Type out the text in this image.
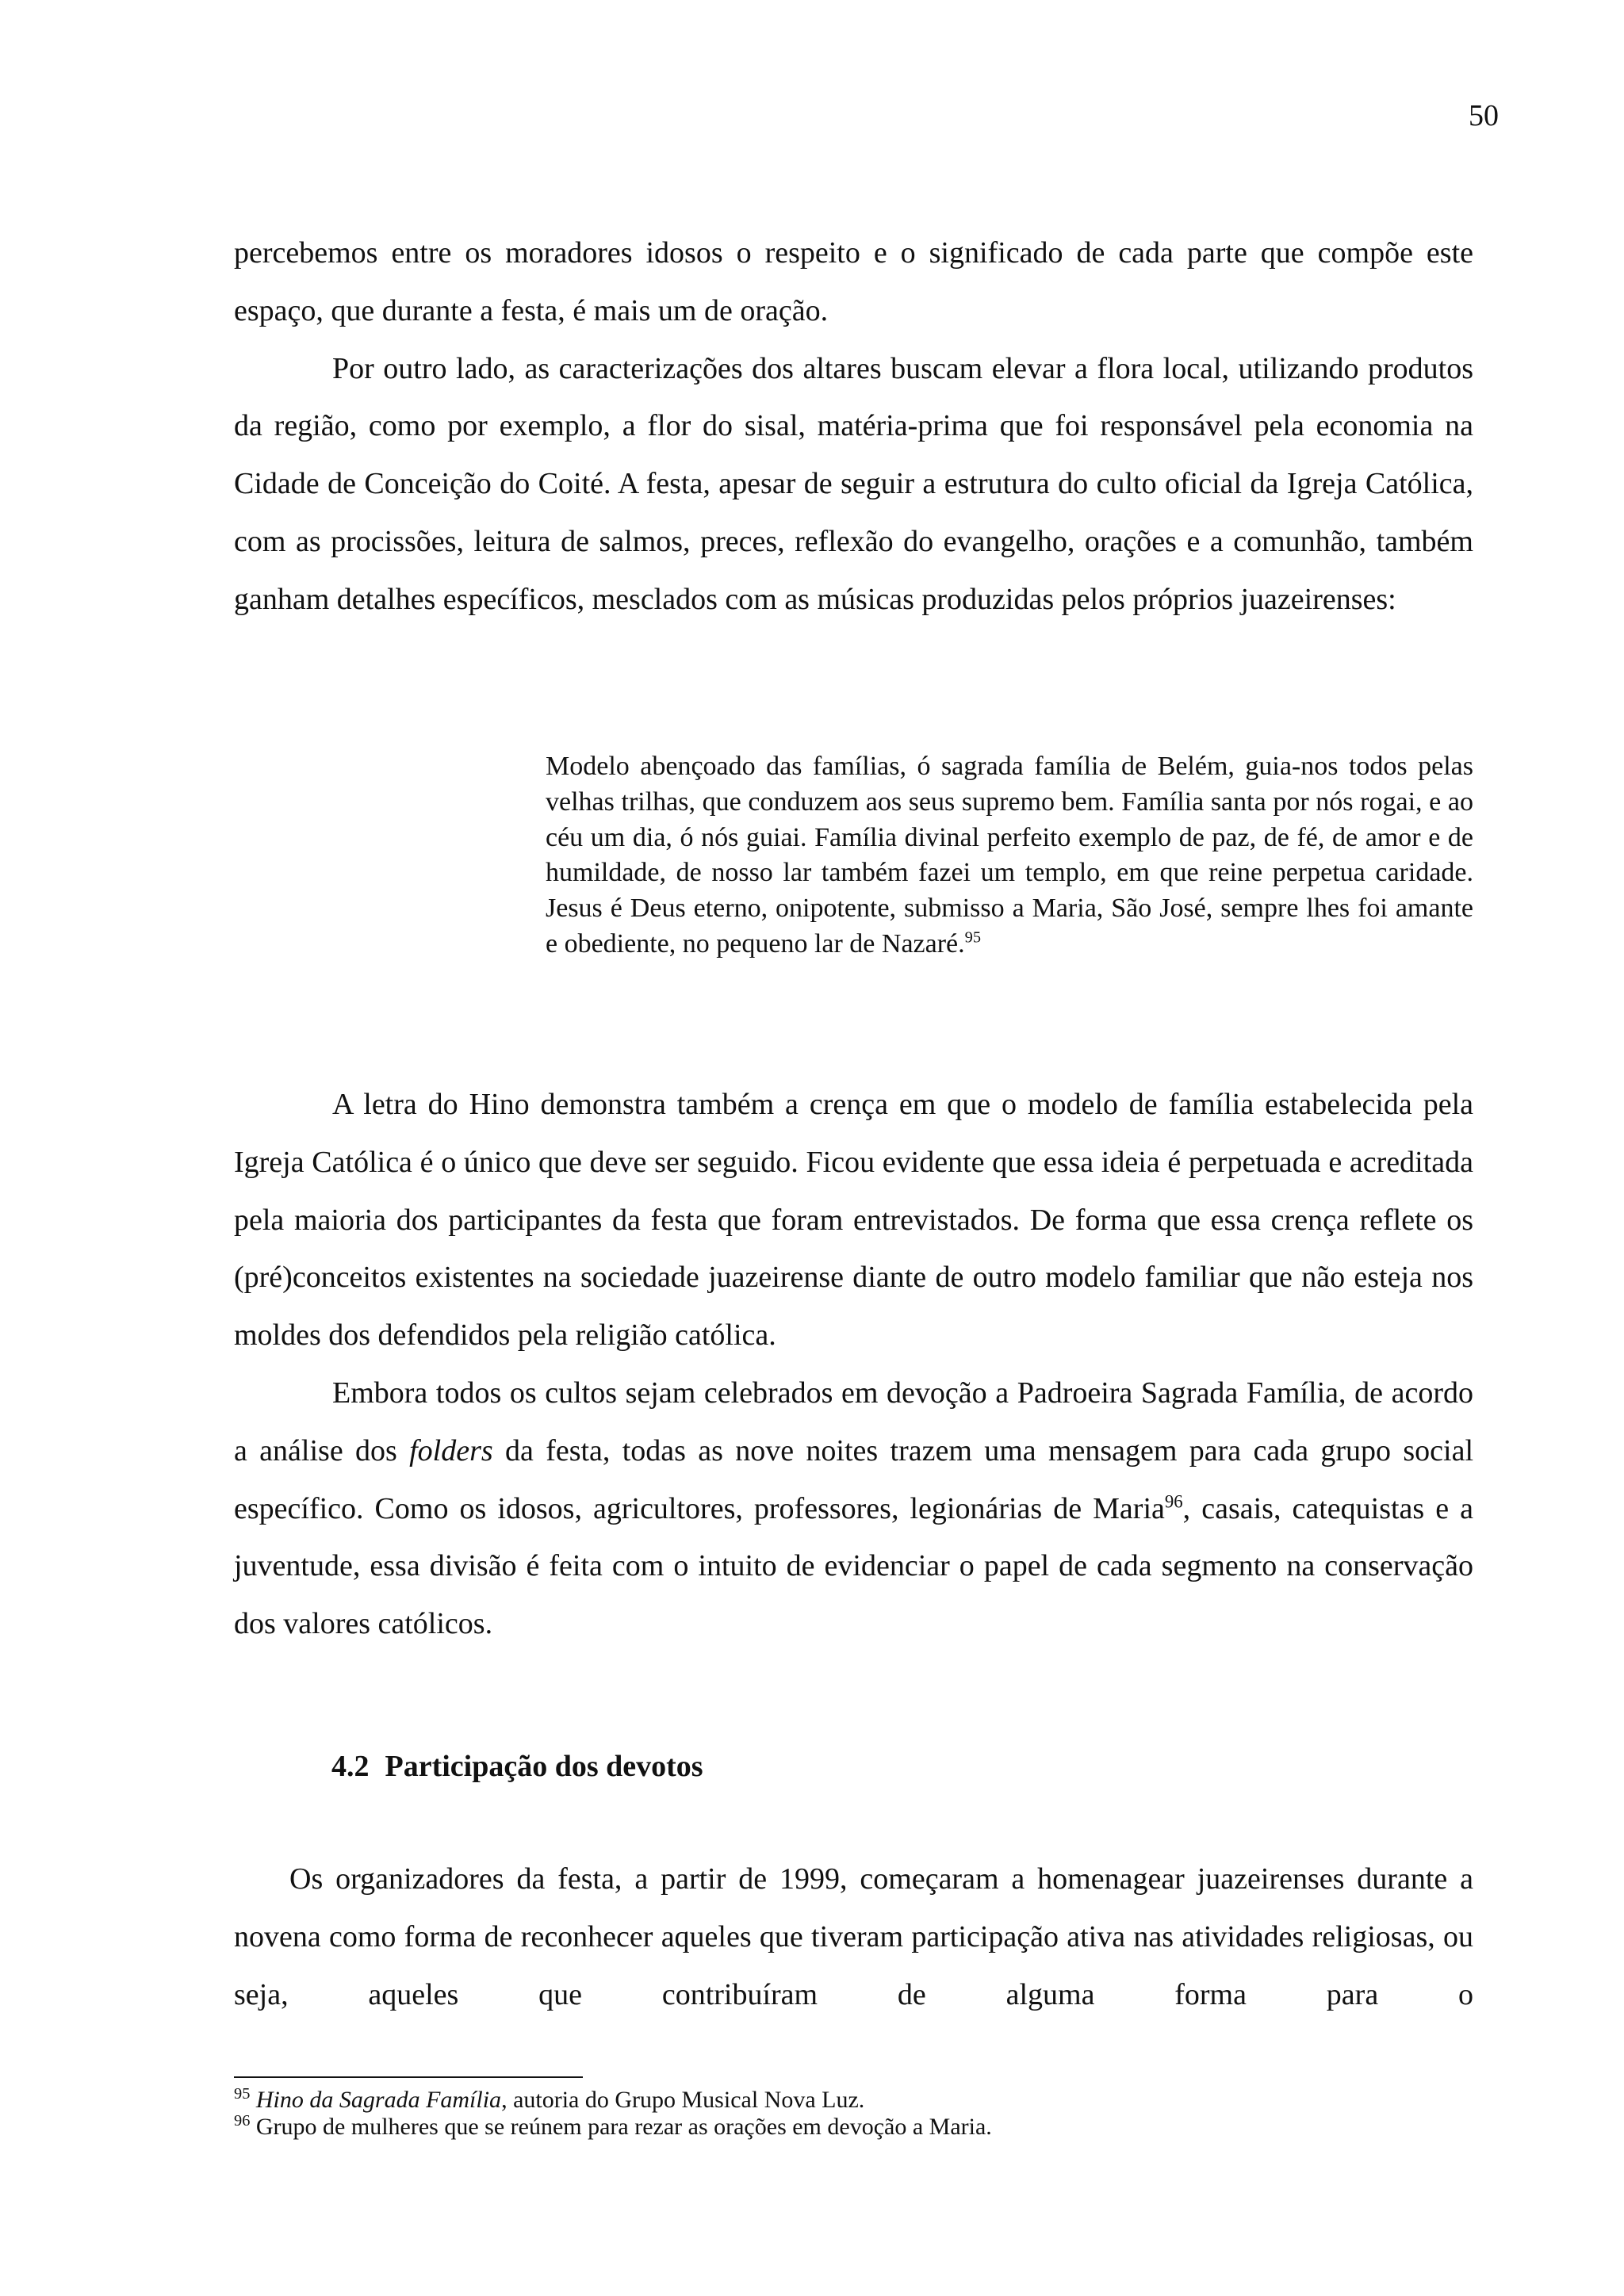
50

percebemos entre os moradores idosos o respeito e o significado de cada parte que compõe este espaço, que durante a festa, é mais um de oração.

Por outro lado, as caracterizações dos altares buscam elevar a flora local, utilizando produtos da região, como por exemplo, a flor do sisal, matéria-prima que foi responsável pela economia na Cidade de Conceição do Coité. A festa, apesar de seguir a estrutura do culto oficial da Igreja Católica, com as procissões, leitura de salmos, preces, reflexão do evangelho, orações e a comunhão, também ganham detalhes específicos, mesclados com as músicas produzidas pelos próprios juazeirenses:

Modelo abençoado das famílias, ó sagrada família de Belém, guia-nos todos pelas velhas trilhas, que conduzem aos seus supremo bem. Família santa por nós rogai, e ao céu um dia, ó nós guiai. Família divinal perfeito exemplo de paz, de fé, de amor e de humildade, de nosso lar também fazei um templo, em que reine perpetua caridade. Jesus é Deus eterno, onipotente, submisso a Maria, São José, sempre lhes foi amante e obediente, no pequeno lar de Nazaré.$^{95}$

A letra do Hino demonstra também a crença em que o modelo de família estabelecida pela Igreja Católica é o único que deve ser seguido. Ficou evidente que essa ideia é perpetuada e acreditada pela maioria dos participantes da festa que foram entrevistados. De forma que essa crença reflete os (pré)conceitos existentes na sociedade juazeirense diante de outro modelo familiar que não esteja nos moldes dos defendidos pela religião católica.

Embora todos os cultos sejam celebrados em devoção a Padroeira Sagrada Família, de acordo a análise dos folders da festa, todas as nove noites trazem uma mensagem para cada grupo social específico. Como os idosos, agricultores, professores, legionárias de Maria$^{96}$, casais, catequistas e a juventude, essa divisão é feita com o intuito de evidenciar o papel de cada segmento na conservação dos valores católicos.

4.2 Participação dos devotos

Os organizadores da festa, a partir de 1999, começaram a homenagear juazeirenses durante a novena como forma de reconhecer aqueles que tiveram participação ativa nas atividades religiosas, ou seja, aqueles que contribuíram de alguma forma para o

$^{95}$ Hino da Sagrada Família, autoria do Grupo Musical Nova Luz.

$^{96}$ Grupo de mulheres que se reúnem para rezar as orações em devoção a Maria.
